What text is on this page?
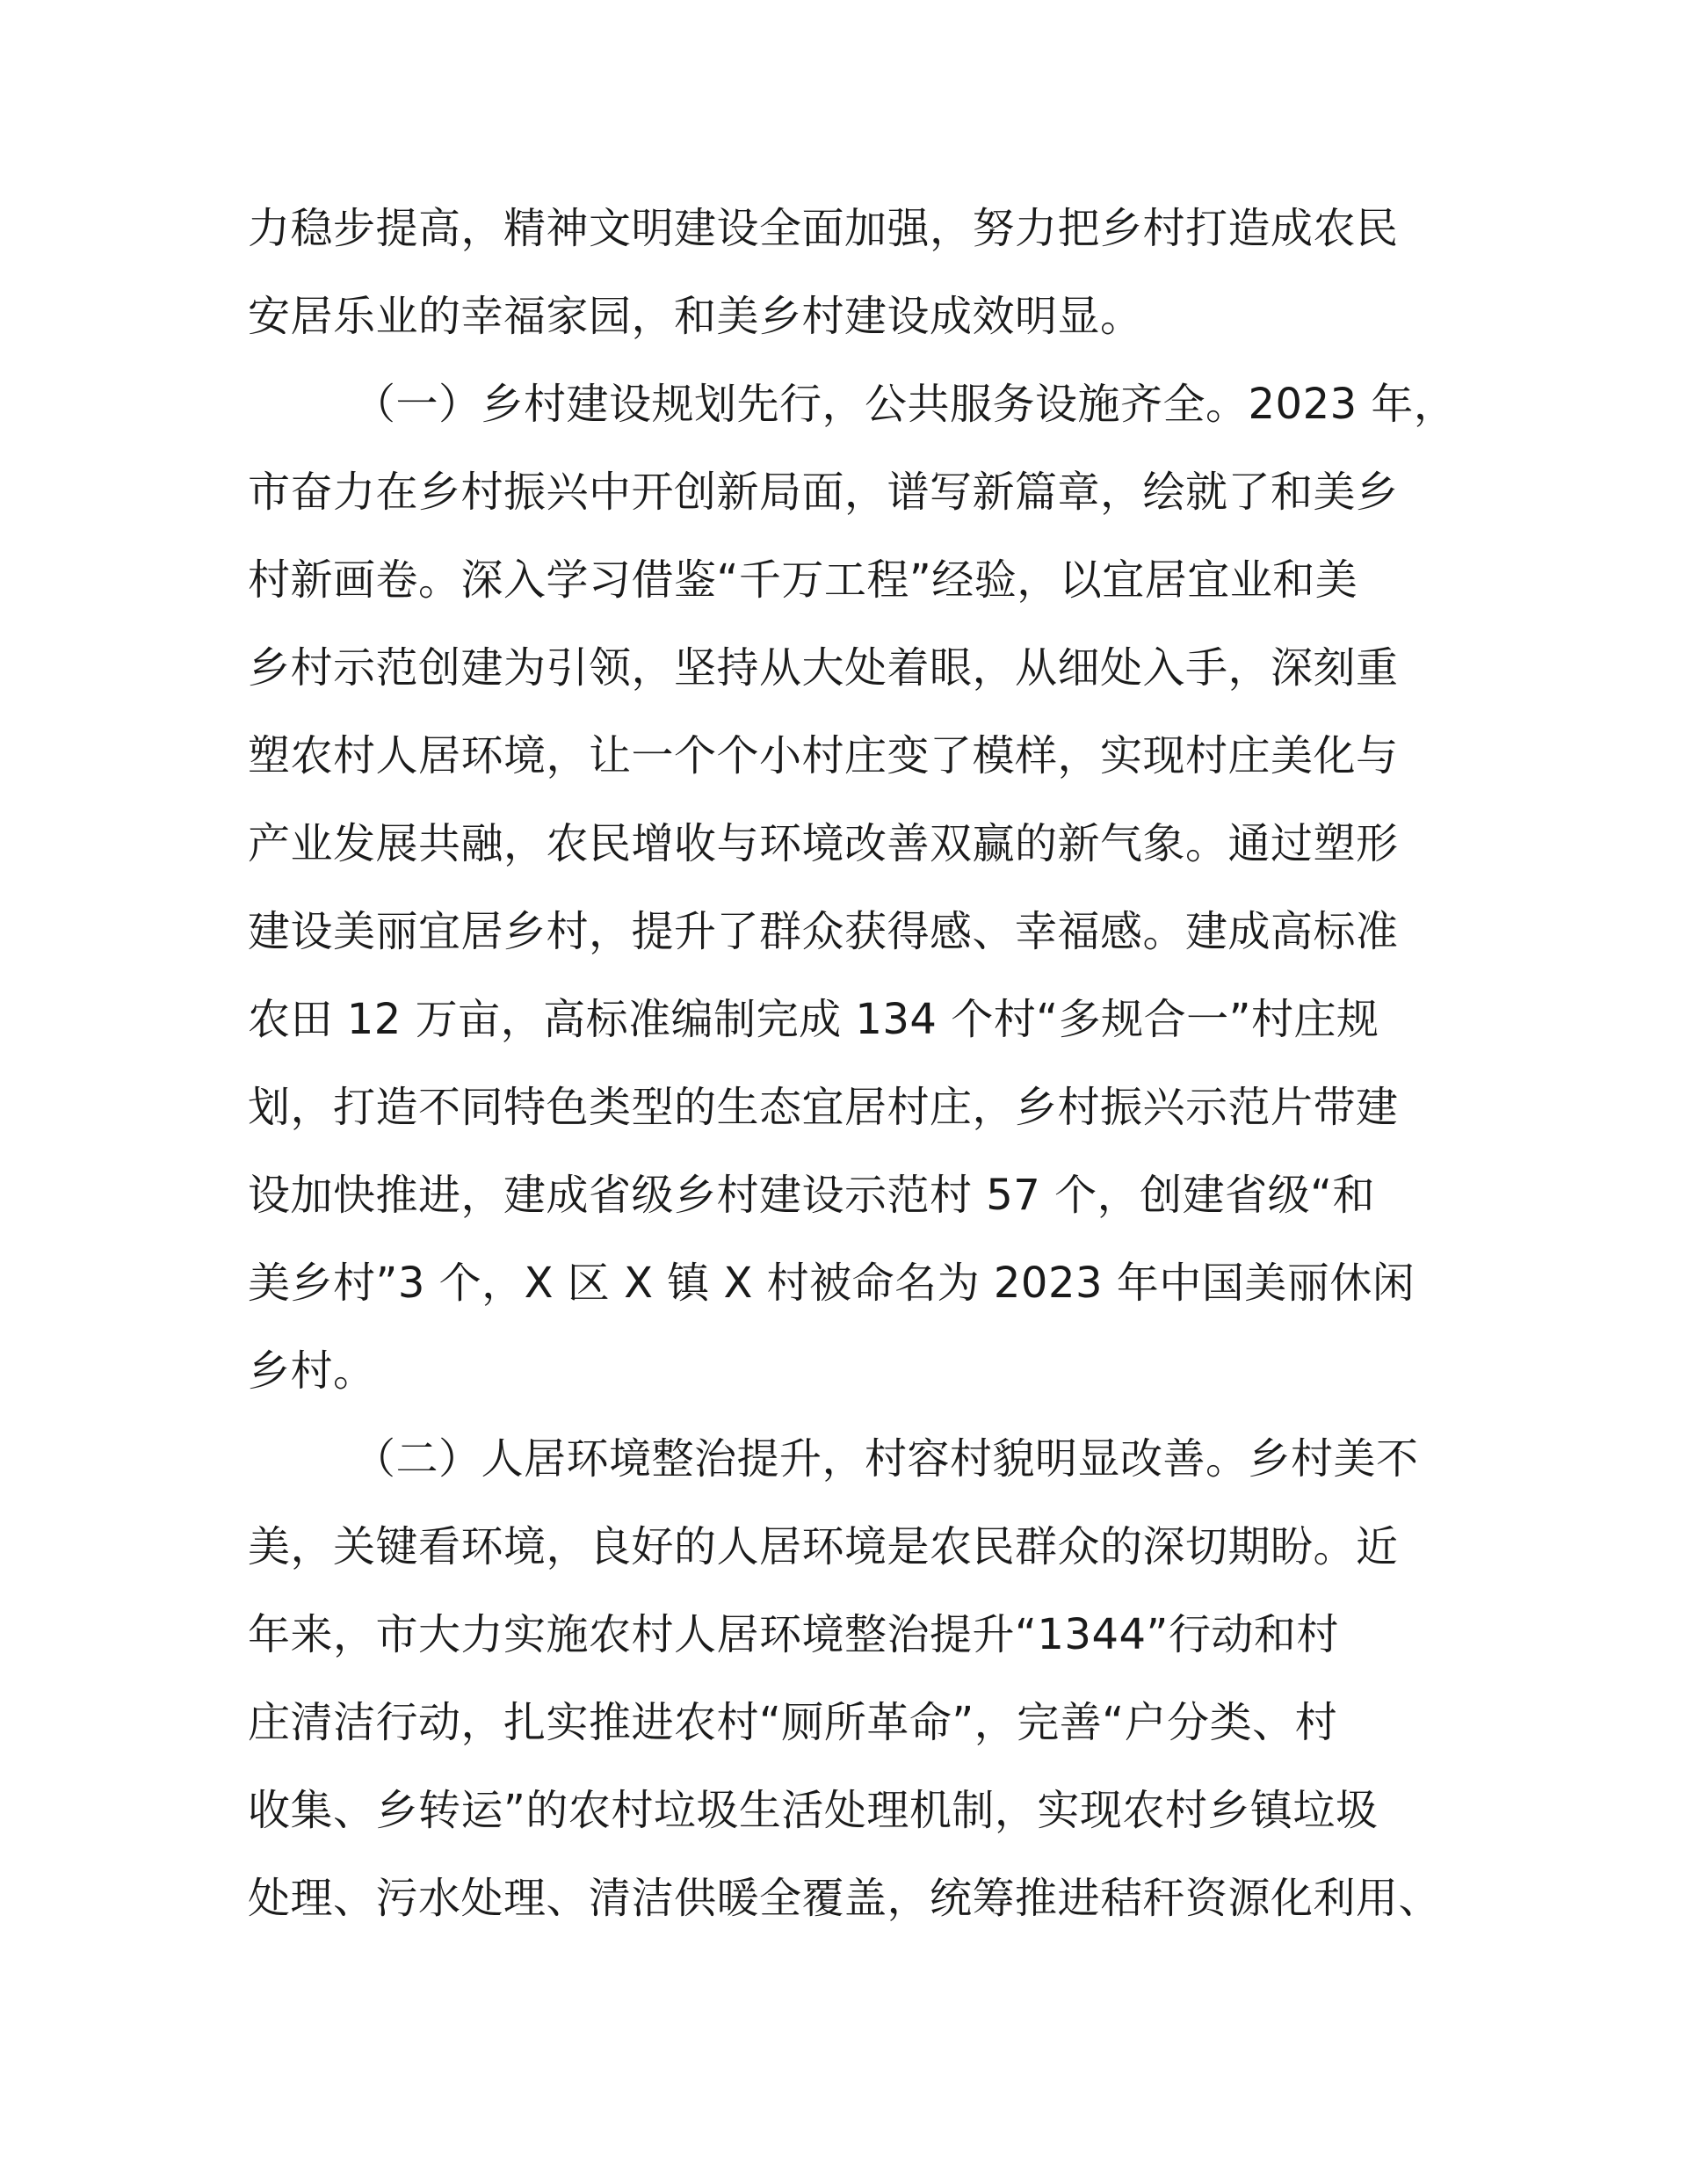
力稳步提高，精神文明建设全面加强，努力把乡村打造成农民
安居乐业的幸福家园，和美乡村建设成效明显。
（一）乡村建设规划先行，公共服务设施齐全。2023 年，
市奋力在乡村振兴中开创新局面，谱写新篇章，绘就了和美乡
村新画卷。深入学习借鉴“千万工程”经验，以宜居宜业和美
乡村示范创建为引领，坚持从大处着眼，从细处入手，深刻重
塑农村人居环境，让一个个小村庄变了模样，实现村庄美化与
产业发展共融，农民增收与环境改善双赢的新气象。通过塑形
建设美丽宜居乡村，提升了群众获得感、幸福感。建成高标准
农田 12 万亩，高标准编制完成 134 个村“多规合一”村庄规
划，打造不同特色类型的生态宜居村庄，乡村振兴示范片带建
设加快推进，建成省级乡村建设示范村 57 个，创建省级“和
美乡村”3 个，X 区 X 镇 X 村被命名为 2023 年中国美丽休闲
乡村。
（二）人居环境整治提升，村容村貌明显改善。乡村美不
美，关键看环境，良好的人居环境是农民群众的深切期盼。近
年来，市大力实施农村人居环境整治提升“1344”行动和村
庄清洁行动，扎实推进农村“厕所革命”，完善“户分类、村
收集、乡转运”的农村垃圾生活处理机制，实现农村乡镇垃圾
处理、污水处理、清洁供暖全覆盖，统筹推进秸秆资源化利用、
